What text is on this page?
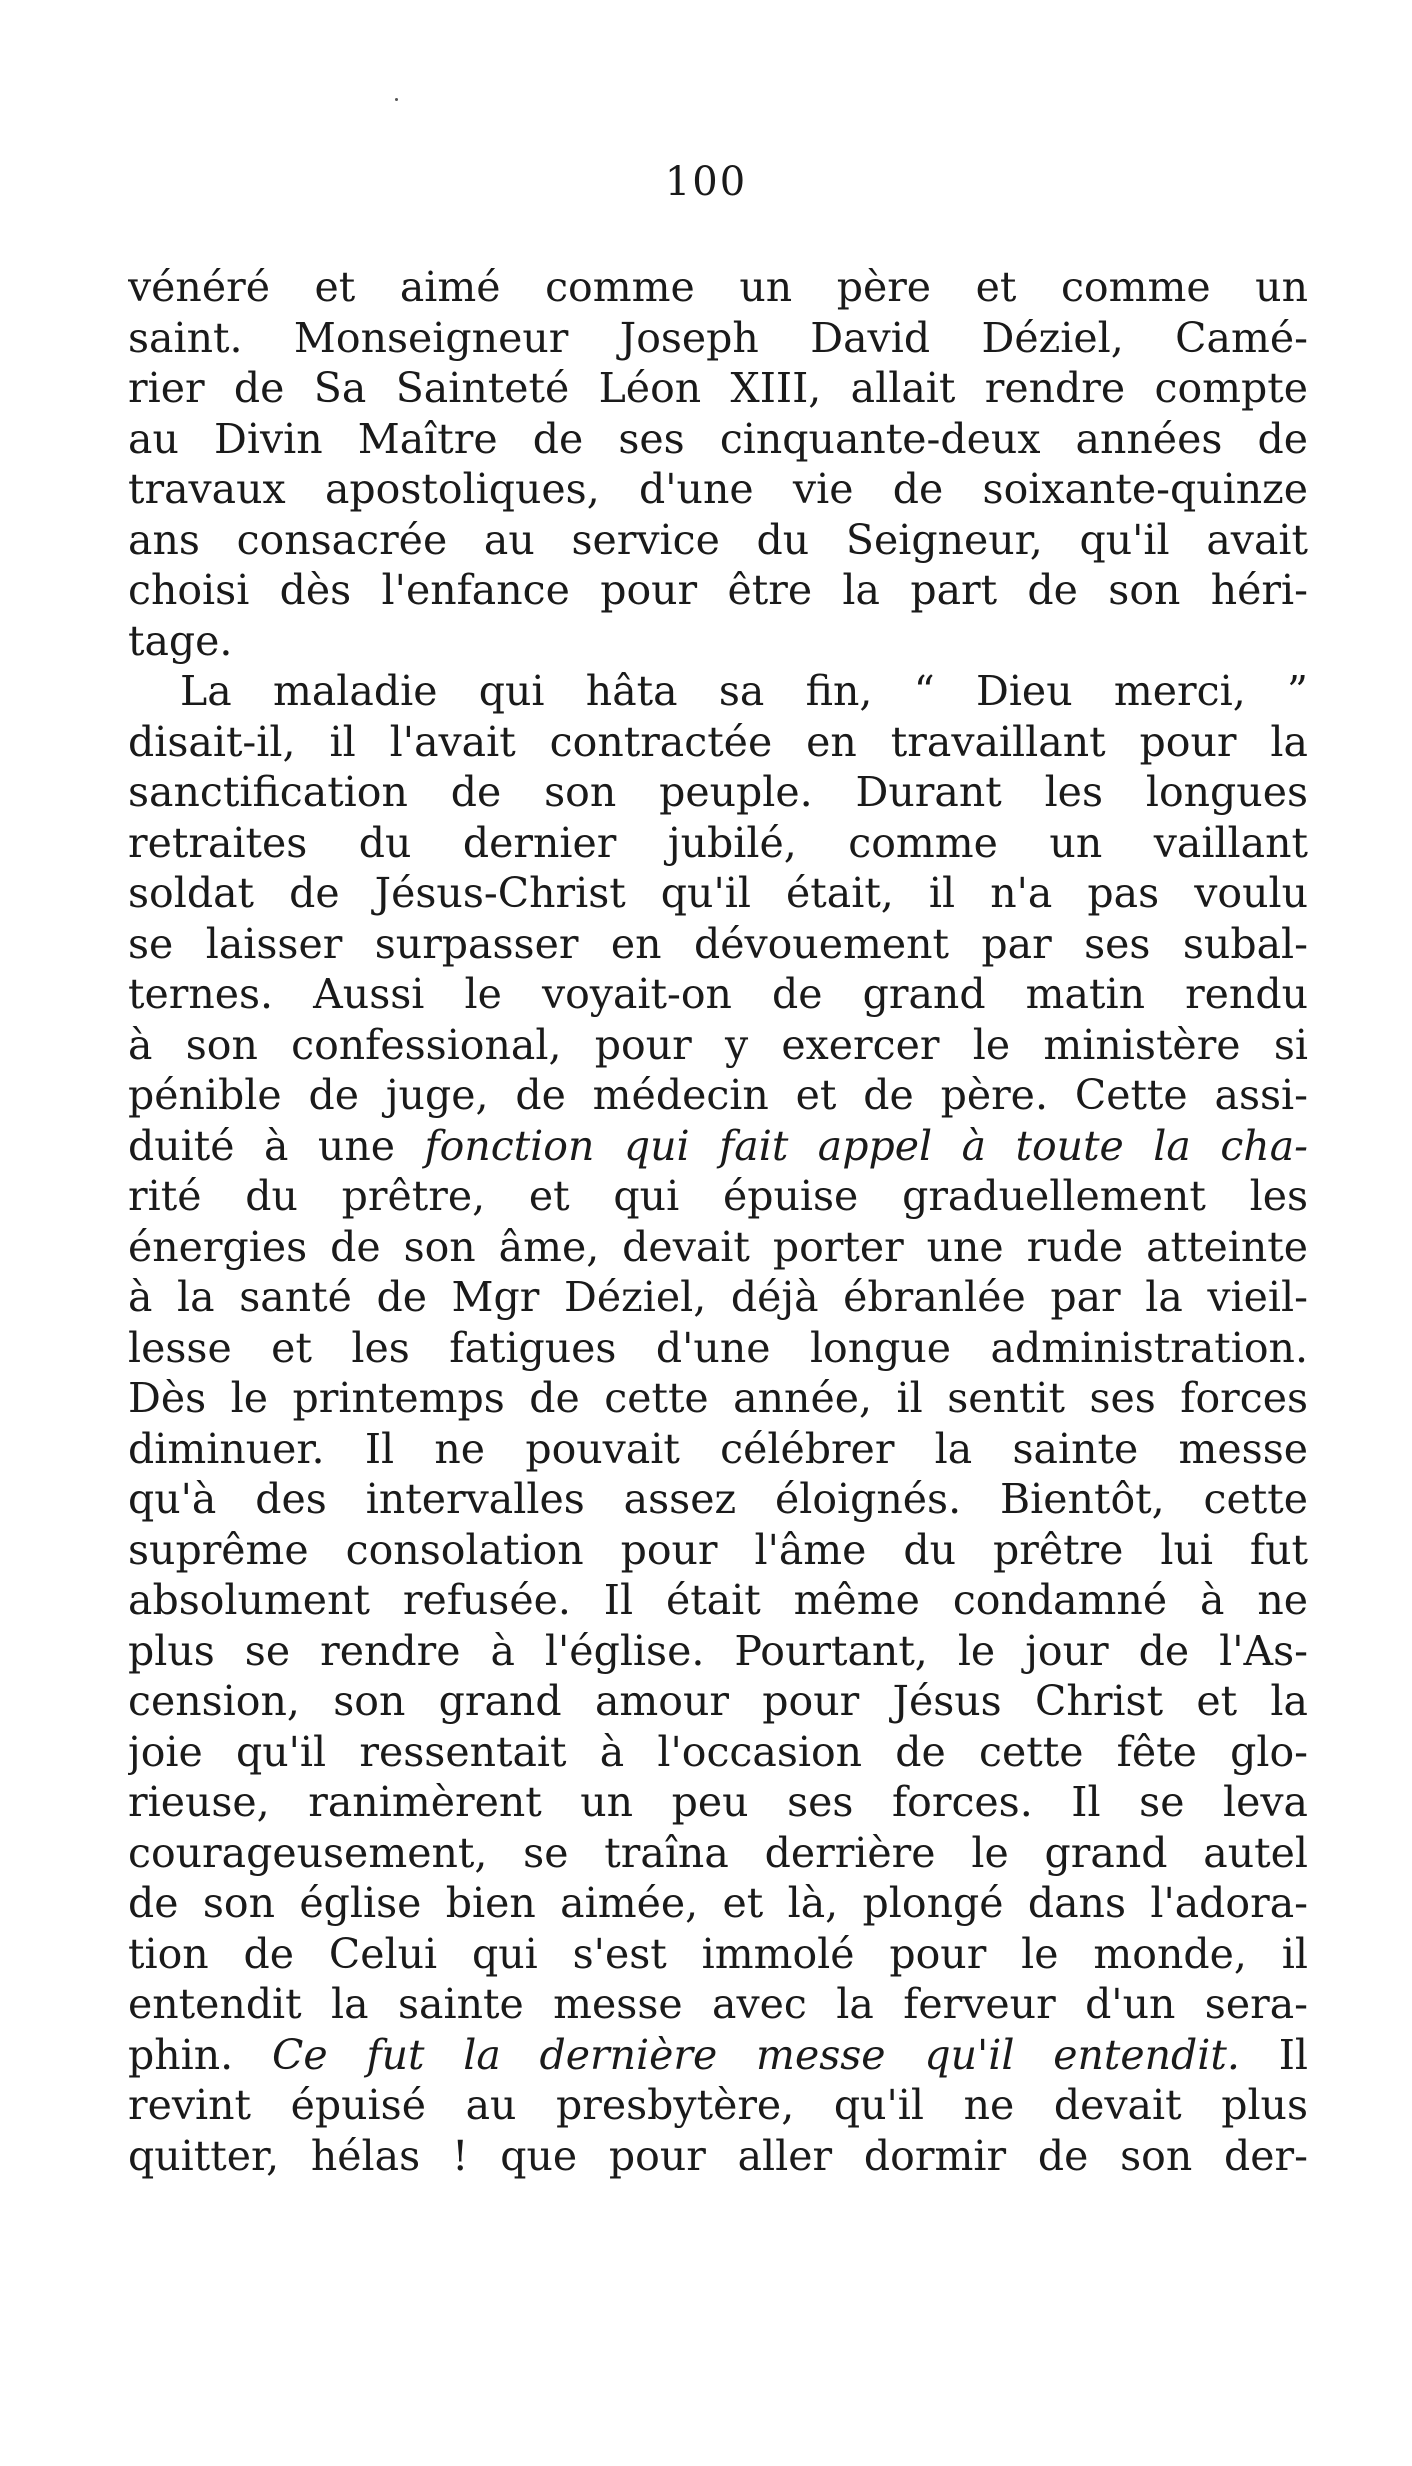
100
vénéré et aimé comme un père et comme un
saint. Monseigneur Joseph David Déziel, Camé-
rier de Sa Sainteté Léon XIII, allait rendre compte
au Divin Maître de ses cinquante-deux années de
travaux apostoliques, d'une vie de soixante-quinze
ans consacrée au service du Seigneur, qu'il avait
choisi dès l'enfance pour être la part de son héri-
tage.
La maladie qui hâta sa fin, “ Dieu merci, ”
disait-il, il l'avait contractée en travaillant pour la
sanctification de son peuple. Durant les longues
retraites du dernier jubilé, comme un vaillant
soldat de Jésus-Christ qu'il était, il n'a pas voulu
se laisser surpasser en dévouement par ses subal-
ternes. Aussi le voyait-on de grand matin rendu
à son confessional, pour y exercer le ministère si
pénible de juge, de médecin et de père. Cette assi-
duité à une fonction qui fait appel à toute la cha-
rité du prêtre, et qui épuise graduellement les
énergies de son âme, devait porter une rude atteinte
à la santé de Mgr Déziel, déjà ébranlée par la vieil-
lesse et les fatigues d'une longue administration.
Dès le printemps de cette année, il sentit ses forces
diminuer. Il ne pouvait célébrer la sainte messe
qu'à des intervalles assez éloignés. Bientôt, cette
suprême consolation pour l'âme du prêtre lui fut
absolument refusée. Il était même condamné à ne
plus se rendre à l'église. Pourtant, le jour de l'As-
cension, son grand amour pour Jésus Christ et la
joie qu'il ressentait à l'occasion de cette fête glo-
rieuse, ranimèrent un peu ses forces. Il se leva
courageusement, se traîna derrière le grand autel
de son église bien aimée, et là, plongé dans l'adora-
tion de Celui qui s'est immolé pour le monde, il
entendit la sainte messe avec la ferveur d'un sera-
phin. Ce fut la dernière messe qu'il entendit. Il
revint épuisé au presbytère, qu'il ne devait plus
quitter, hélas ! que pour aller dormir de son der-
